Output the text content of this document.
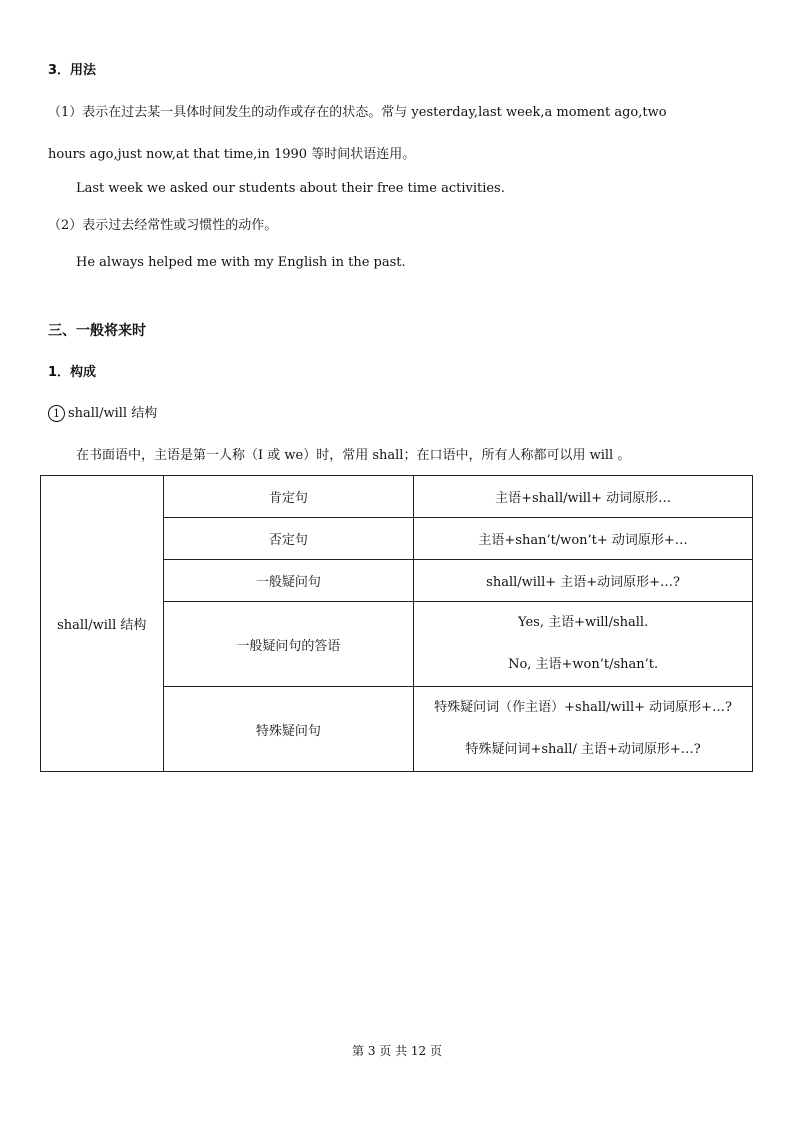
3．用法
（1）表示在过去某一具体时间发生的动作或存在的状态。常与 yesterday,last week,a moment ago,two
hours ago,just now,at that time,in 1990 等时间状语连用。
Last week we asked our students about their free time activities.
（2）表示过去经常性或习惯性的动作。
He always helped me with my English in the past.
三、一般将来时
1．构成
1 shall/will 结构
在书面语中，主语是第一人称（I 或 we）时，常用 shall；在口语中，所有人称都可以用 will 。
shall/will 结构	肯定句	主语+shall/will+ 动词原形…
	否定句	主语+shan’t/won’t+ 动词原形+…
	一般疑问句	shall/will+ 主语+动词原形+…?
	一般疑问句的答语	Yes, 主语+will/shall.
No, 主语+won’t/shan’t.

	特殊疑问句	特殊疑问词（作主语）+shall/will+ 动词原形+…?
特殊疑问词+shall/ 主语+动词原形+…?
第 3 页 共 12 页
